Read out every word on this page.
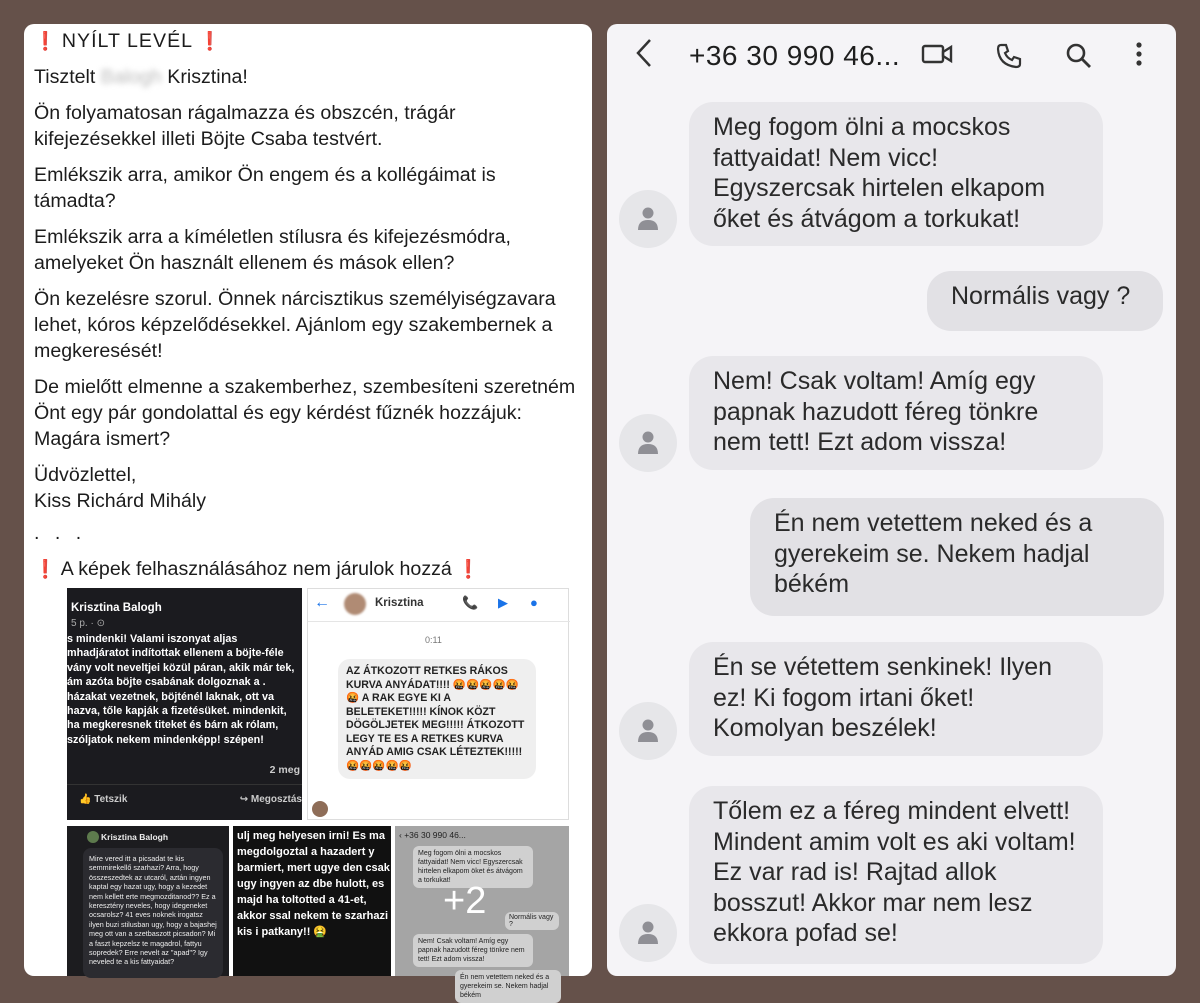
❗ NYÍLT LEVÉL ❗

Tisztelt Balogh Krisztina!

Ön folyamatosan rágalmazza és obszcén, trágár kifejezésekkel illeti Böjte Csaba testvért.

Emlékszik arra, amikor Ön engem és a kollégáimat is támadta?

Emlékszik arra a kíméletlen stílusra és kifejezésmódra, amelyeket Ön használt ellenem és mások ellen?

Ön kezelésre szorul. Önnek nárcisztikus személyiségzavara lehet, kóros képzelődésekkel. Ajánlom egy szakembernek a megkeresését!

De mielőtt elmenne a szakemberhez, szembesíteni szeretném Önt egy pár gondolattal és egy kérdést fűznék hozzájuk: Magára ismert?

Üdvözlettel,
Kiss Richárd Mihály

. . .

❗ A képek felhasználásához nem járulok hozzá ❗

Krisztina Balogh
5 p. · ⊙
s mindenki! Valami iszonyat aljas mhadjáratot indítottak ellenem a böjte-féle vány volt neveltjei közül páran, akik már tek, ám azóta böjte csabának dolgoznak a . házakat vezetnek, böjténél laknak, ott va hazva, tőle kapják a fizetésüket. mindenkit, ha megkeresnek titeket és bárn ak rólam, szóljatok nekem mindenképp! szépen!
2 meg
👍 Tetszik	↪ Megosztás
←	Krisztina	📞 ▶ ●
0:11
AZ ÁTKOZOTT RETKES RÁKOS KURVA ANYÁDAT!!!! 🤬🤬🤬🤬🤬🤬 A RAK EGYE KI A BELETEKET!!!!! KÍNOK KÖZT DÖGÖLJETEK MEG!!!!! ÁTKOZOTT LEGY TE ES A RETKES KURVA ANYÁD AMIG CSAK LÉTEZTEK!!!!!🤬🤬🤬🤬🤬
Krisztina Balogh
Mire vered itt a picsadat te kis semmirekellő szarhazi? Arra, hogy összeszedtek az utcaról, aztán ingyen kaptal egy hazat ugy, hogy a kezedet nem kellett erte megmozditanod?? Ez a keresztény neveles, hogy idegeneket ocsarolsz? 41 eves noknek irogatsz ilyen buzi stilusban ugy, hogy a bajashej meg ott van a szetbaszott picsadon? Mi a faszt kepzelsz te magadrol, fattyu sopredek? Erre nevelt az "apad"? Igy neveled te a kis fattyaidat?
ulj meg helyesen irni! Es ma megdolgoztal a hazadert y barmiert, mert ugye den csak ugy ingyen az dbe hulott, es majd ha toltotted a 41-et, akkor ssal nekem te szarhazi kis i patkany!! 🤮
‹ +36 30 990 46...
Meg fogom ölni a mocskos fattyaidat! Nem vicc! Egyszercsak hirtelen elkapom öket és átvágom a torkukat!
Normális vagy ?
Nem! Csak voltam! Amíg egy papnak hazudott féreg tönkre nem tett! Ezt adom vissza!
Én nem vetettem neked és a gyerekeim se. Nekem hadjal békém
+2
+36 30 990 46...
Meg fogom ölni a mocskos fattyaidat! Nem vicc! Egyszercsak hirtelen elkapom őket és átvágom a torkukat!
Normális vagy ?
Nem! Csak voltam! Amíg egy papnak hazudott féreg tönkre nem tett! Ezt adom vissza!
Én nem vetettem neked és a gyerekeim se. Nekem hadjal békém
Én se vétettem senkinek! Ilyen ez! Ki fogom irtani őket! Komolyan beszélek!
Tőlem ez a féreg mindent elvett! Mindent amim volt es aki voltam! Ez var rad is! Rajtad allok bosszut! Akkor mar nem lesz ekkora pofad se!
